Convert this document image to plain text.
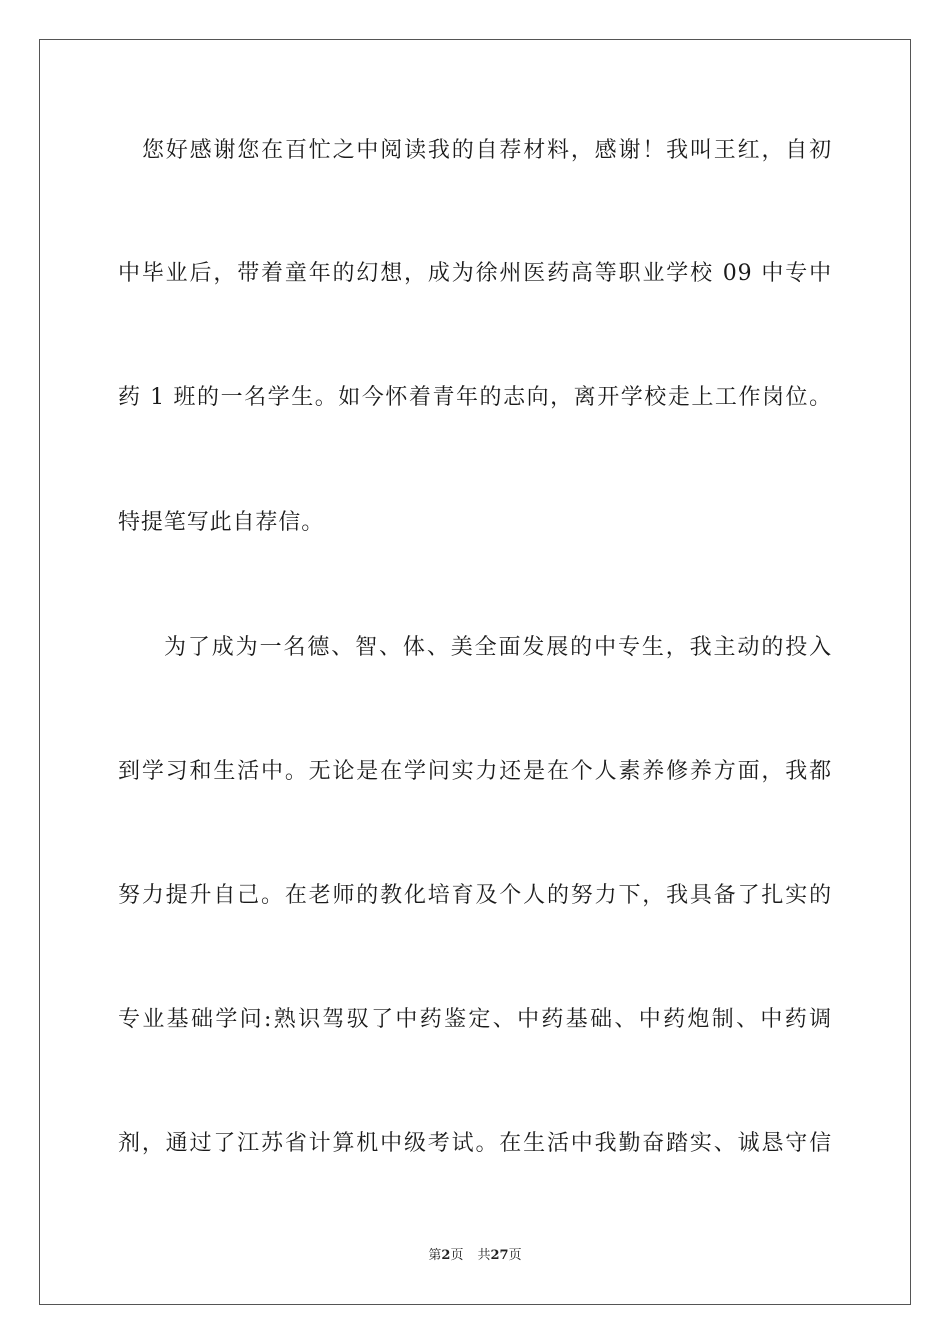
您好感谢您在百忙之中阅读我的自荐材料，感谢！我叫王红，自初
中毕业后，带着童年的幻想，成为徐州医药高等职业学校 09 中专中
药 1 班的一名学生。如今怀着青年的志向，离开学校走上工作岗位。
特提笔写此自荐信。
为了成为一名德、智、体、美全面发展的中专生，我主动的投入
到学习和生活中。无论是在学问实力还是在个人素养修养方面，我都
努力提升自己。在老师的教化培育及个人的努力下，我具备了扎实的
专业基础学问:熟识驾驭了中药鉴定、中药基础、中药炮制、中药调
剂，通过了江苏省计算机中级考试。在生活中我勤奋踏实、诚恳守信
第2页 共27页
